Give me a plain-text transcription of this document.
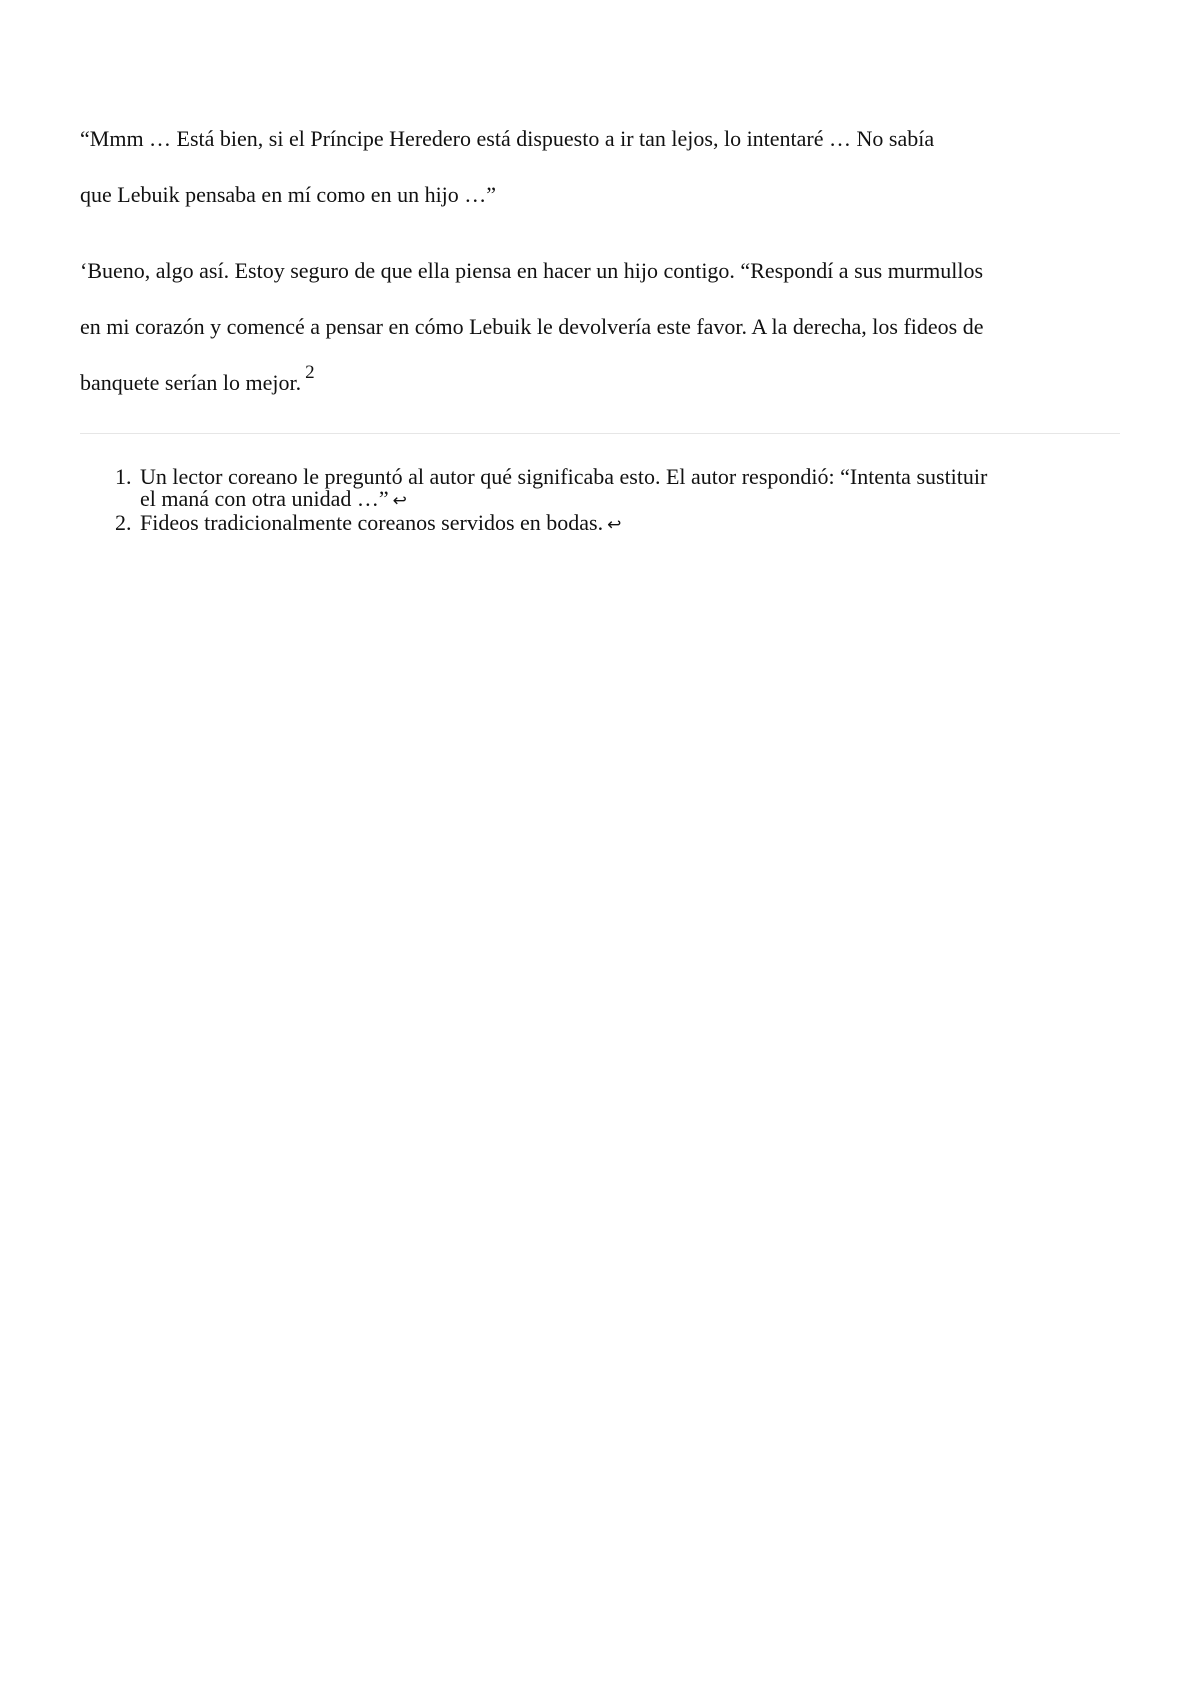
“Mmm … Está bien, si el Príncipe Heredero está dispuesto a ir tan lejos, lo intentaré … No sabía
que Lebuik pensaba en mí como en un hijo …”

‘Bueno, algo así. Estoy seguro de que ella piensa en hacer un hijo contigo. “Respondí a sus murmullos
en mi corazón y comencé a pensar en cómo Lebuik le devolvería este favor. A la derecha, los fideos de
banquete serían lo mejor. 2

1. Un lector coreano le preguntó al autor qué significaba esto. El autor respondió: “Intenta sustituir
el maná con otra unidad …” ↩
2. Fideos tradicionalmente coreanos servidos en bodas. ↩
